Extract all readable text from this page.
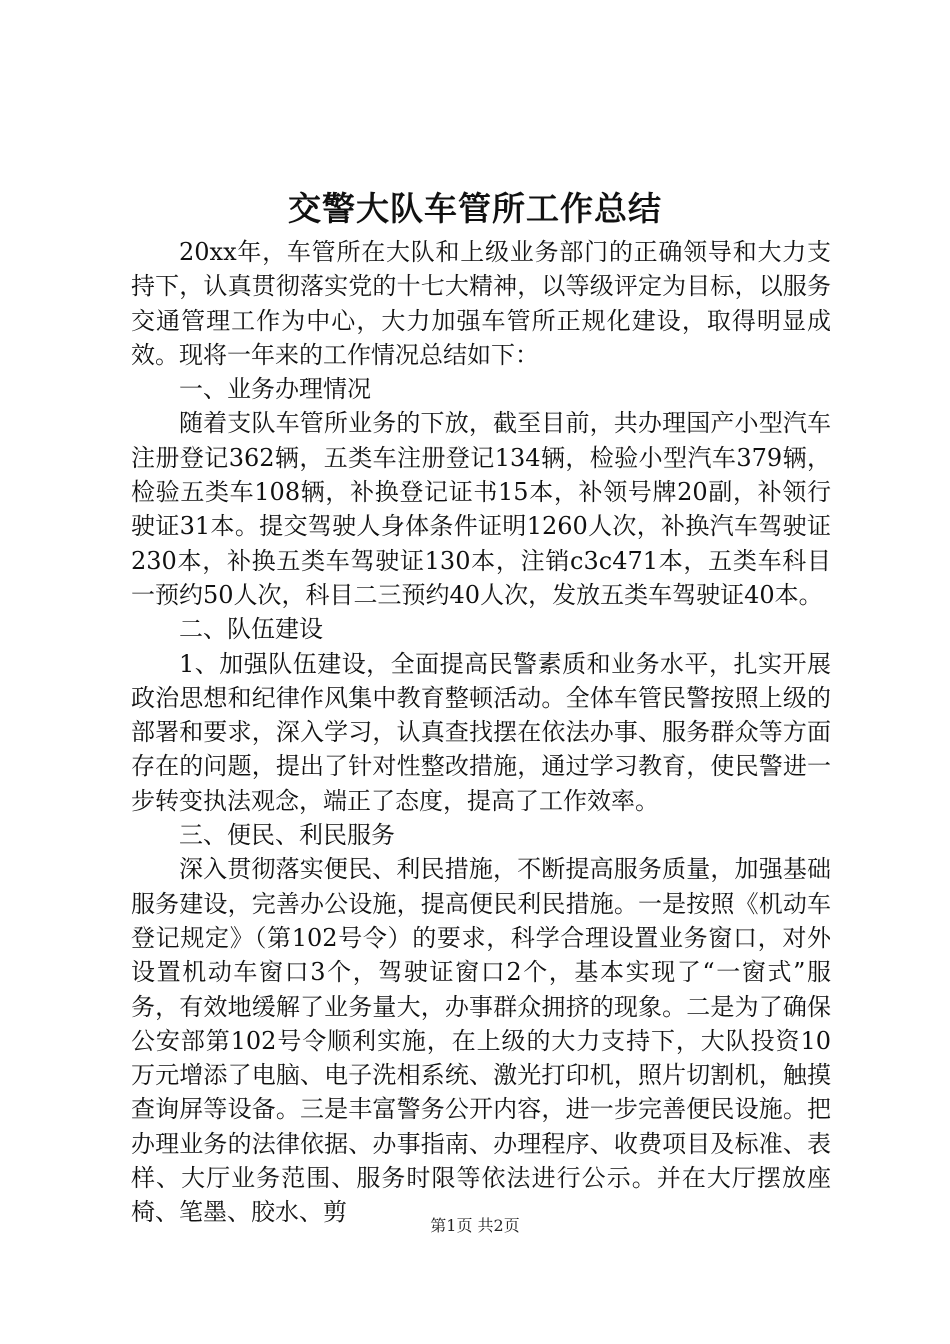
交警大队车管所工作总结

20xx年，车管所在大队和上级业务部门的正确领导和大力支持下，认真贯彻落实党的十七大精神，以等级评定为目标，以服务交通管理工作为中心，大力加强车管所正规化建设，取得明显成效。现将一年来的工作情况总结如下：

一、业务办理情况

随着支队车管所业务的下放，截至目前，共办理国产小型汽车注册登记362辆，五类车注册登记134辆，检验小型汽车379辆，检验五类车108辆，补换登记证书15本，补领号牌20副，补领行驶证31本。提交驾驶人身体条件证明1260人次，补换汽车驾驶证230本，补换五类车驾驶证130本，注销c3c471本，五类车科目一预约50人次，科目二三预约40人次，发放五类车驾驶证40本。

二、队伍建设

1、加强队伍建设，全面提高民警素质和业务水平，扎实开展政治思想和纪律作风集中教育整顿活动。全体车管民警按照上级的部署和要求，深入学习，认真查找摆在依法办事、服务群众等方面存在的问题，提出了针对性整改措施，通过学习教育，使民警进一步转变执法观念，端正了态度，提高了工作效率。

三、便民、利民服务

深入贯彻落实便民、利民措施，不断提高服务质量，加强基础服务建设，完善办公设施，提高便民利民措施。一是按照《机动车登记规定》（第102号令）的要求，科学合理设置业务窗口，对外设置机动车窗口3个，驾驶证窗口2个，基本实现了“一窗式”服务，有效地缓解了业务量大，办事群众拥挤的现象。二是为了确保公安部第102号令顺利实施，在上级的大力支持下，大队投资10万元增添了电脑、电子洗相系统、激光打印机，照片切割机，触摸查询屏等设备。三是丰富警务公开内容，进一步完善便民设施。把办理业务的法律依据、办事指南、办理程序、收费项目及标准、表样、大厅业务范围、服务时限等依法进行公示。并在大厅摆放座椅、笔墨、胶水、剪	第1页 共2页
